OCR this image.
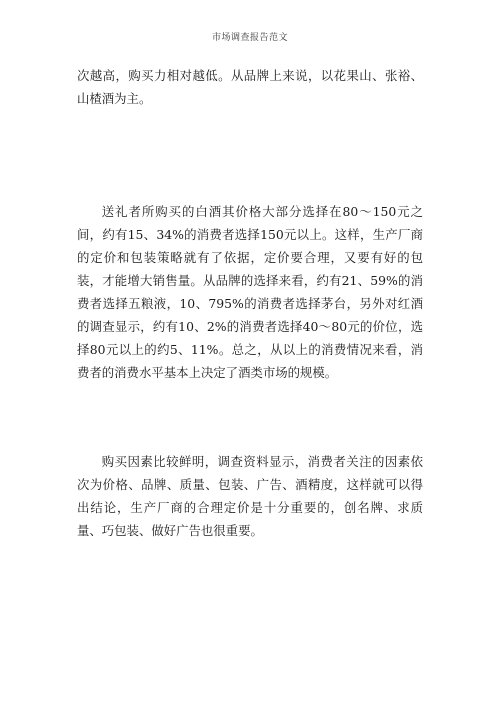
市场调查报告范文

次越高，购买力相对越低。从品牌上来说，以花果山、张裕、山楂酒为主。

送礼者所购买的白酒其价格大部分选择在80～150元之间，约有15、34%的消费者选择150元以上。这样，生产厂商的定价和包装策略就有了依据，定价要合理，又要有好的包装，才能增大销售量。从品牌的选择来看，约有21、59%的消费者选择五粮液，10、795%的消费者选择茅台，另外对红酒的调查显示，约有10、2%的消费者选择40～80元的价位，选择80元以上的约5、11%。总之，从以上的消费情况来看，消费者的消费水平基本上决定了酒类市场的规模。

购买因素比较鲜明，调查资料显示，消费者关注的因素依次为价格、品牌、质量、包装、广告、酒精度，这样就可以得出结论，生产厂商的合理定价是十分重要的，创名牌、求质量、巧包装、做好广告也很重要。
